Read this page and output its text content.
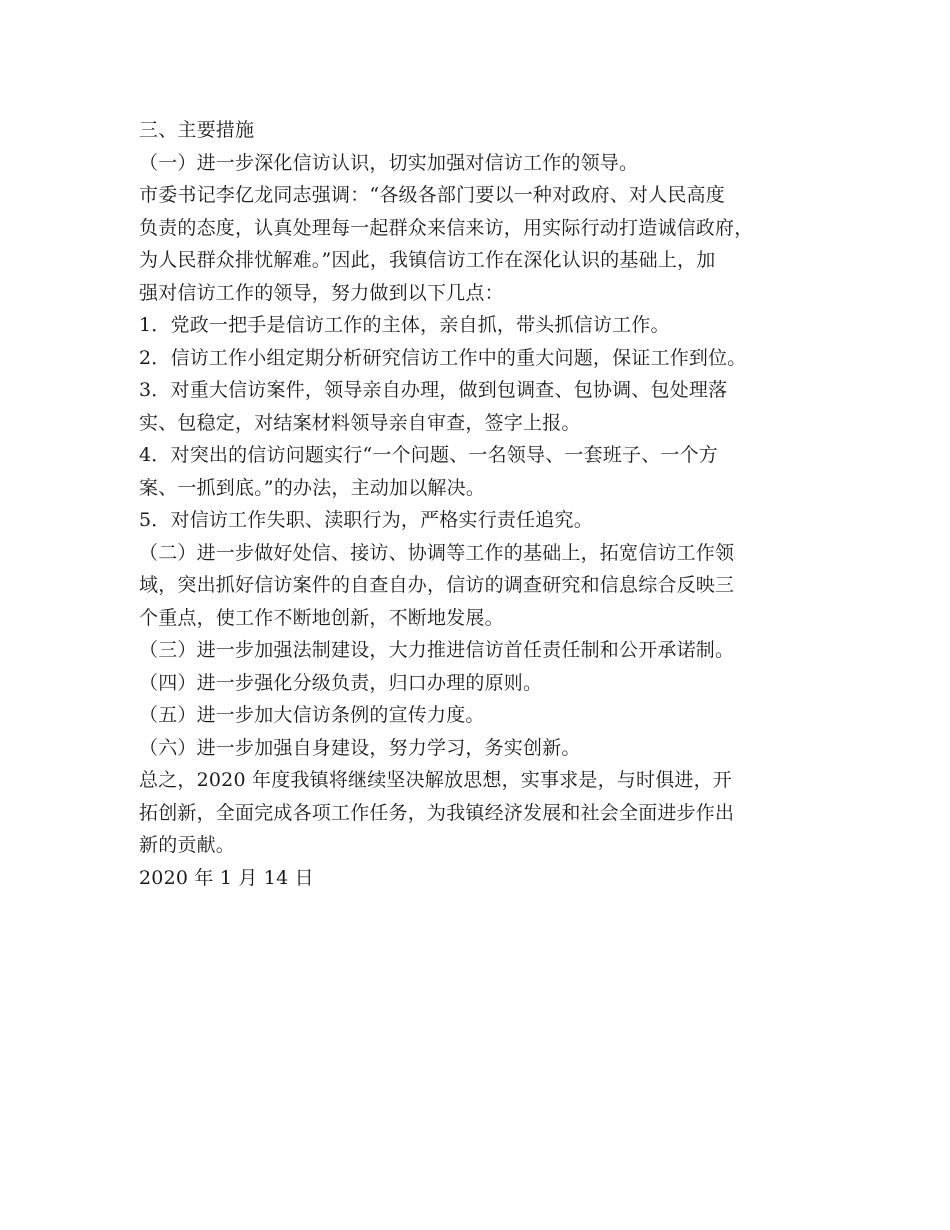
三、主要措施
（一）进一步深化信访认识，切实加强对信访工作的领导。
市委书记李亿龙同志强调：“各级各部门要以一种对政府、对人民高度
负责的态度，认真处理每一起群众来信来访，用实际行动打造诚信政府，
为人民群众排忧解难。”因此，我镇信访工作在深化认识的基础上，加
强对信访工作的领导，努力做到以下几点：
1．党政一把手是信访工作的主体，亲自抓，带头抓信访工作。
2．信访工作小组定期分析研究信访工作中的重大问题，保证工作到位。
3．对重大信访案件，领导亲自办理，做到包调查、包协调、包处理落
实、包稳定，对结案材料领导亲自审查，签字上报。
4．对突出的信访问题实行“一个问题、一名领导、一套班子、一个方
案、一抓到底。”的办法，主动加以解决。
5．对信访工作失职、渎职行为，严格实行责任追究。
（二）进一步做好处信、接访、协调等工作的基础上，拓宽信访工作领
域，突出抓好信访案件的自查自办，信访的调查研究和信息综合反映三
个重点，使工作不断地创新，不断地发展。
（三）进一步加强法制建设，大力推进信访首任责任制和公开承诺制。
（四）进一步强化分级负责，归口办理的原则。
（五）进一步加大信访条例的宣传力度。
（六）进一步加强自身建设，努力学习，务实创新。
总之，2020 年度我镇将继续坚决解放思想，实事求是，与时俱进，开
拓创新，全面完成各项工作任务，为我镇经济发展和社会全面进步作出
新的贡献。
2020 年 1 月 14 日
